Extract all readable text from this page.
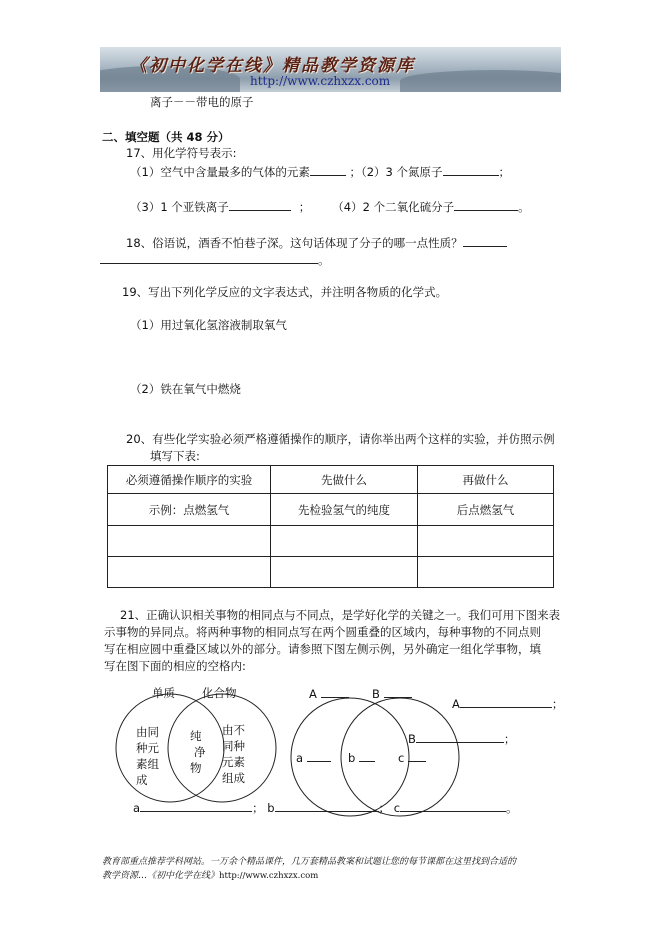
《初中化学在线》精品教学资源库
http://www.czhxzx.com
离子－－带电的原子
二、填空题（共 48 分）
17、用化学符号表示:
（1）空气中含量最多的气体的元素	；（2）3 个氮原子	；
（3）1 个亚铁离子	； （4）2 个二氧化硫分子	。
18、俗语说，酒香不怕巷子深。这句话体现了分子的哪一点性质？
。
19、写出下列化学反应的文字表达式，并注明各物质的化学式。
（1）用过氧化氢溶液制取氧气
（2）铁在氧气中燃烧
20、有些化学实验必须严格遵循操作的顺序，请你举出两个这样的实验，并仿照示例
填写下表:
必须遵循操作顺序的实验	先做什么	再做什么
示例：点燃氢气	先检验氢气的纯度	后点燃氢气

21、正确认识相关事物的相同点与不同点，是学好化学的关键之一。我们可用下图来表
示事物的异同点。将两种事物的相同点写在两个圆重叠的区域内，每种事物的不同点则
写在相应圆中重叠区域以外的部分。请参照下图左侧示例，另外确定一组化学事物，填
写在图下面的相应的空格内:
单质 化合物
由同
种元
素组
成
纯
净
物
由不
同种
元素
组成
A	B
a	b	c
A	；
B	；
a	； b	； c	。
教育部重点推荐学科网站。一万余个精品课件，几万套精品教案和试题让您的每节课都在这里找到合适的
教学资源…《初中化学在线》http://www.czhxzx.com
